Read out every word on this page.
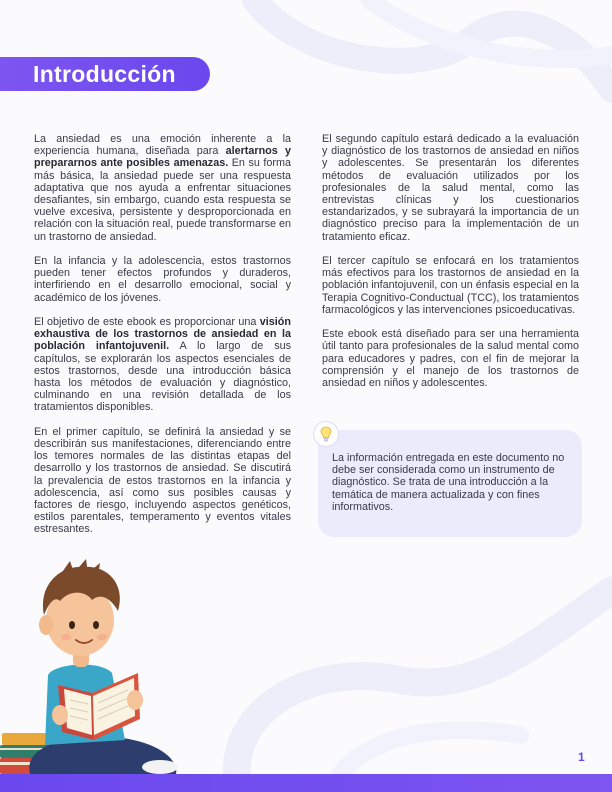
Introducción

La ansiedad es una emoción inherente a la experiencia humana, diseñada para alertarnos y prepararnos ante posibles amenazas. En su forma más básica, la ansiedad puede ser una respuesta adaptativa que nos ayuda a enfrentar situaciones desafiantes, sin embargo, cuando esta respuesta se vuelve excesiva, persistente y desproporcionada en relación con la situación real, puede transformarse en un trastorno de ansiedad.

En la infancia y la adolescencia, estos trastornos pueden tener efectos profundos y duraderos, interfiriendo en el desarrollo emocional, social y académico de los jóvenes.

El objetivo de este ebook es proporcionar una visión exhaustiva de los trastornos de ansiedad en la población infantojuvenil. A lo largo de sus capítulos, se explorarán los aspectos esenciales de estos trastornos, desde una introducción básica hasta los métodos de evaluación y diagnóstico, culminando en una revisión detallada de los tratamientos disponibles.

En el primer capítulo, se definirá la ansiedad y se describirán sus manifestaciones, diferenciando entre los temores normales de las distintas etapas del desarrollo y los trastornos de ansiedad. Se discutirá la prevalencia de estos trastornos en la infancia y adolescencia, así como sus posibles causas y factores de riesgo, incluyendo aspectos genéticos, estilos parentales, temperamento y eventos vitales estresantes.

El segundo capítulo estará dedicado a la evaluación y diagnóstico de los trastornos de ansiedad en niños y adolescentes. Se presentarán los diferentes métodos de evaluación utilizados por los profesionales de la salud mental, como las entrevistas clínicas y los cuestionarios estandarizados, y se subrayará la importancia de un diagnóstico preciso para la implementación de un tratamiento eficaz.

El tercer capítulo se enfocará en los tratamientos más efectivos para los trastornos de ansiedad en la población infantojuvenil, con un énfasis especial en la Terapia Cognitivo-Conductual (TCC), los tratamientos farmacológicos y las intervenciones psicoeducativas.

Este ebook está diseñado para ser una herramienta útil tanto para profesionales de la salud mental como para educadores y padres, con el fin de mejorar la comprensión y el manejo de los trastornos de ansiedad en niños y adolescentes.

La información entregada en este documento no debe ser considerada como un instrumento de diagnóstico. Se trata de una introducción a la temática de manera actualizada y con fines informativos.
1
